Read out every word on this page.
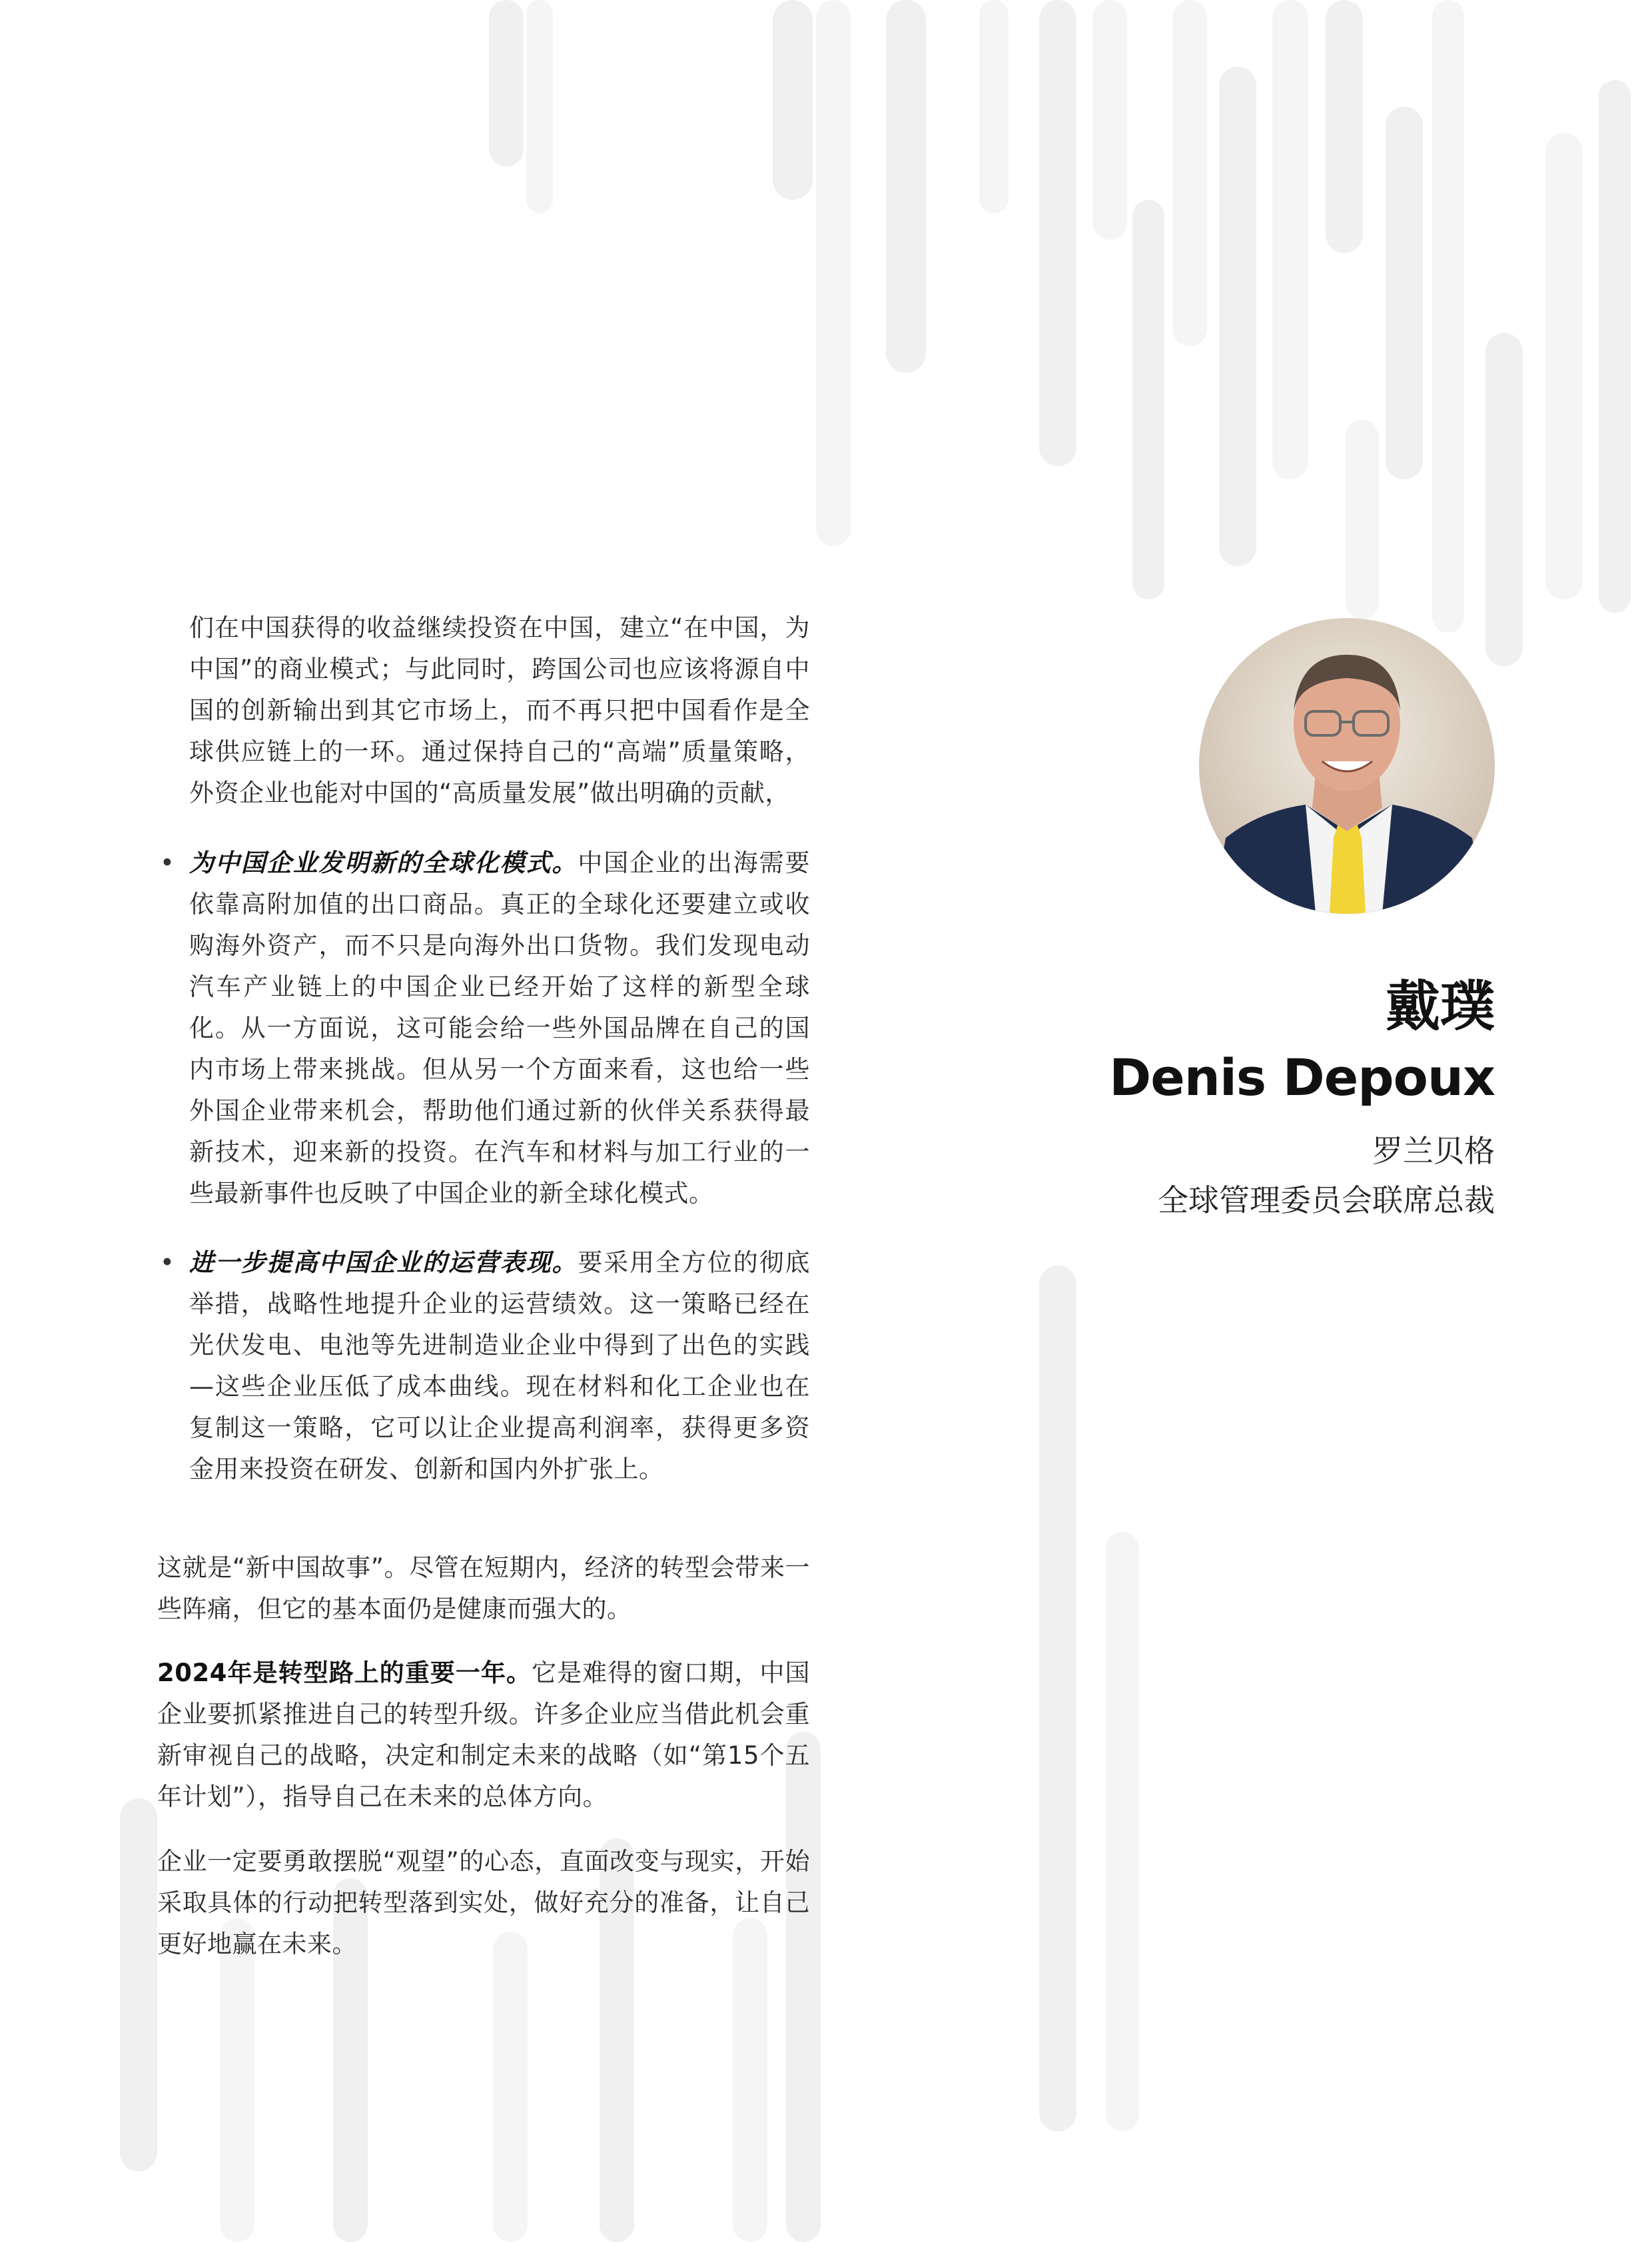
们在中国获得的收益继续投资在中国，建立“在中国，为中国”的商业模式；与此同时，跨国公司也应该将源自中国的创新输出到其它市场上，而不再只把中国看作是全球供应链上的一环。通过保持自己的“高端”质量策略，外资企业也能对中国的“高质量发展”做出明确的贡献，

• 为中国企业发明新的全球化模式。中国企业的出海需要依靠高附加值的出口商品。真正的全球化还要建立或收购海外资产，而不只是向海外出口货物。我们发现电动汽车产业链上的中国企业已经开始了这样的新型全球化。从一方面说，这可能会给一些外国品牌在自己的国内市场上带来挑战。但从另一个方面来看，这也给一些外国企业带来机会，帮助他们通过新的伙伴关系获得最新技术，迎来新的投资。在汽车和材料与加工行业的一些最新事件也反映了中国企业的新全球化模式。

• 进一步提高中国企业的运营表现。要采用全方位的彻底举措，战略性地提升企业的运营绩效。这一策略已经在光伏发电、电池等先进制造业企业中得到了出色的实践—这些企业压低了成本曲线。现在材料和化工企业也在复制这一策略，它可以让企业提高利润率，获得更多资金用来投资在研发、创新和国内外扩张上。

这就是“新中国故事”。尽管在短期内，经济的转型会带来一些阵痛，但它的基本面仍是健康而强大的。

2024年是转型路上的重要一年。它是难得的窗口期，中国企业要抓紧推进自己的转型升级。许多企业应当借此机会重新审视自己的战略，决定和制定未来的战略（如“第15个五年计划”），指导自己在未来的总体方向。

企业一定要勇敢摆脱“观望”的心态，直面改变与现实，开始采取具体的行动把转型落到实处，做好充分的准备，让自己更好地赢在未来。

戴璞
Denis Depoux
罗兰贝格
全球管理委员会联席总裁
